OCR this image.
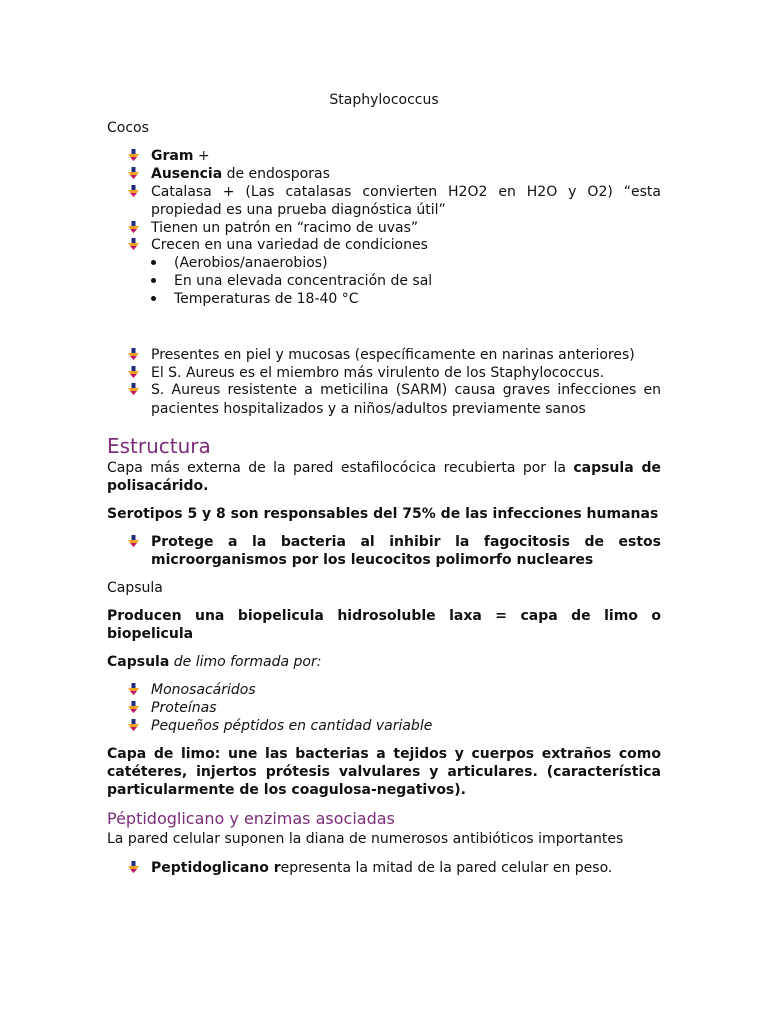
Staphylococcus
Cocos
Gram +
Ausencia de endosporas
Catalasa + (Las catalasas convierten H2O2 en H2O y O2) “esta
propiedad es una prueba diagnóstica útil”
Tienen un patrón en “racimo de uvas”
Crecen en una variedad de condiciones
(Aerobios/anaerobios)
En una elevada concentración de sal
Temperaturas de 18-40 °C
Presentes en piel y mucosas (específicamente en narinas anteriores)
El S. Aureus es el miembro más virulento de los Staphylococcus.
S. Aureus resistente a meticilina (SARM) causa graves infecciones en
pacientes hospitalizados y a niños/adultos previamente sanos
Estructura
Capa más externa de la pared estafilocócica recubierta por la capsula de
polisacárido.
Serotipos 5 y 8 son responsables del 75% de las infecciones humanas
Protege a la bacteria al inhibir la fagocitosis de estos
microorganismos por los leucocitos polimorfo nucleares
Capsula
Producen una biopelicula hidrosoluble laxa = capa de limo o
biopelicula
Capsula de limo formada por:
Monosacáridos
Proteínas
Pequeños péptidos en cantidad variable
Capa de limo: une las bacterias a tejidos y cuerpos extraños como
catéteres, injertos prótesis valvulares y articulares. (característica
particularmente de los coagulosa-negativos).
Péptidoglicano y enzimas asociadas
La pared celular suponen la diana de numerosos antibióticos importantes
Peptidoglicano representa la mitad de la pared celular en peso.
